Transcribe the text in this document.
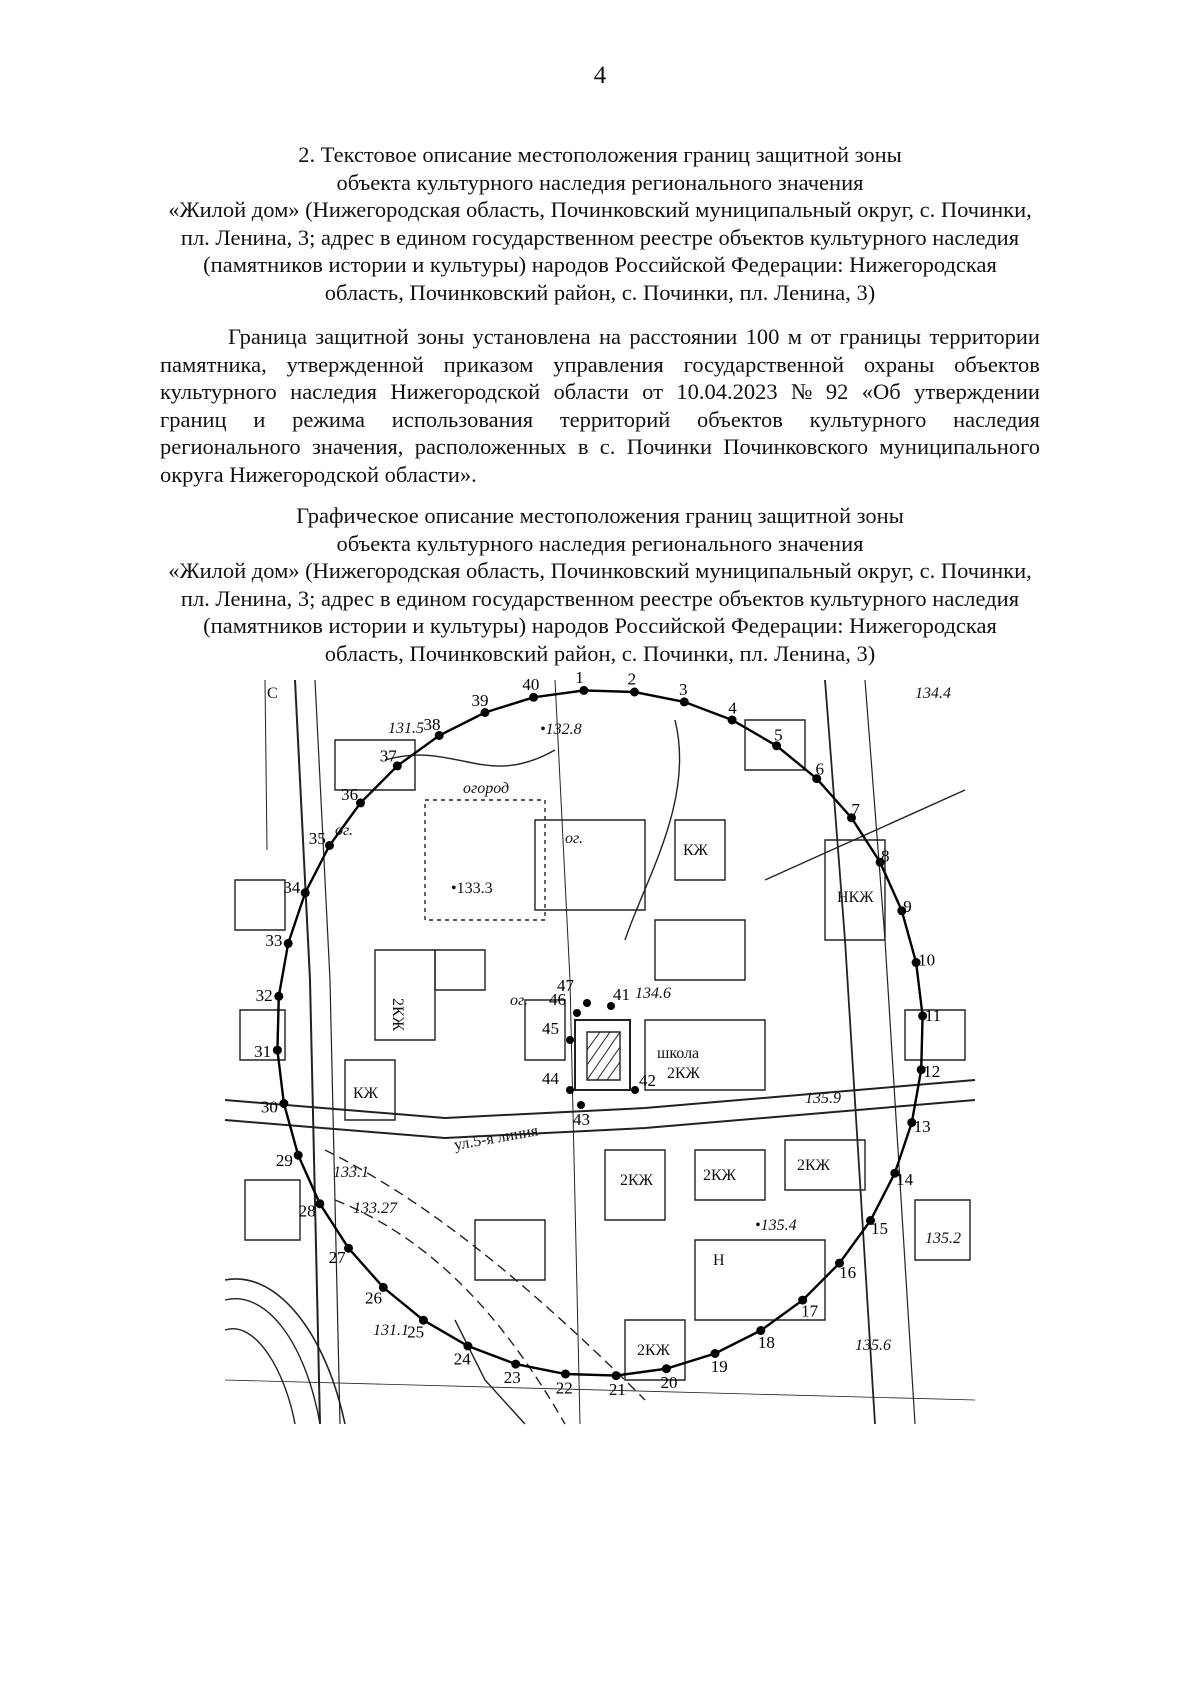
4
2. Текстовое описание местоположения границ защитной зоны
объекта культурного наследия регионального значения
«Жилой дом» (Нижегородская область, Починковский муниципальный округ, с. Починки,
пл. Ленина, 3; адрес в едином государственном реестре объектов культурного наследия
(памятников истории и культуры) народов Российской Федерации: Нижегородская
область, Починковский район, с. Починки, пл. Ленина, 3)
Граница защитной зоны установлена на расстоянии 100 м от границы территории
памятника, утвержденной приказом управления государственной охраны объектов
культурного наследия Нижегородской области от 10.04.2023 № 92 «Об утверждении
границ и режима использования территорий объектов культурного наследия
регионального значения, расположенных в с. Починки Починковского муниципального
округа Нижегородской области».
Графическое описание местоположения границ защитной зоны
объекта культурного наследия регионального значения
«Жилой дом» (Нижегородская область, Починковский муниципальный округ, с. Починки,
пл. Ленина, 3; адрес в едином государственном реестре объектов культурного наследия
(памятников истории и культуры) народов Российской Федерации: Нижегородская
область, Починковский район, с. Починки, пл. Ленина, 3)
С
огород
•133.3
•132.8
134.6
135.9
•135.4
135.2
135.6
134.4
133.27
131.1
131.5
133.1
школа
2КЖ
ул.5-я линия
КЖ
НКЖ
2КЖ
2КЖ
2КЖ
2КЖ
КЖ
2КЖ
ог.	ог.
ог.
Н
1	2
3
4
5
6
7
8
9
10
11
12
13
14
15
16
17
18
19
20
21
22
23
24
25
26
27
28
29
30
31
32
33
34
35
36
37
38
39
40
41
42
43
44
45
46
47
